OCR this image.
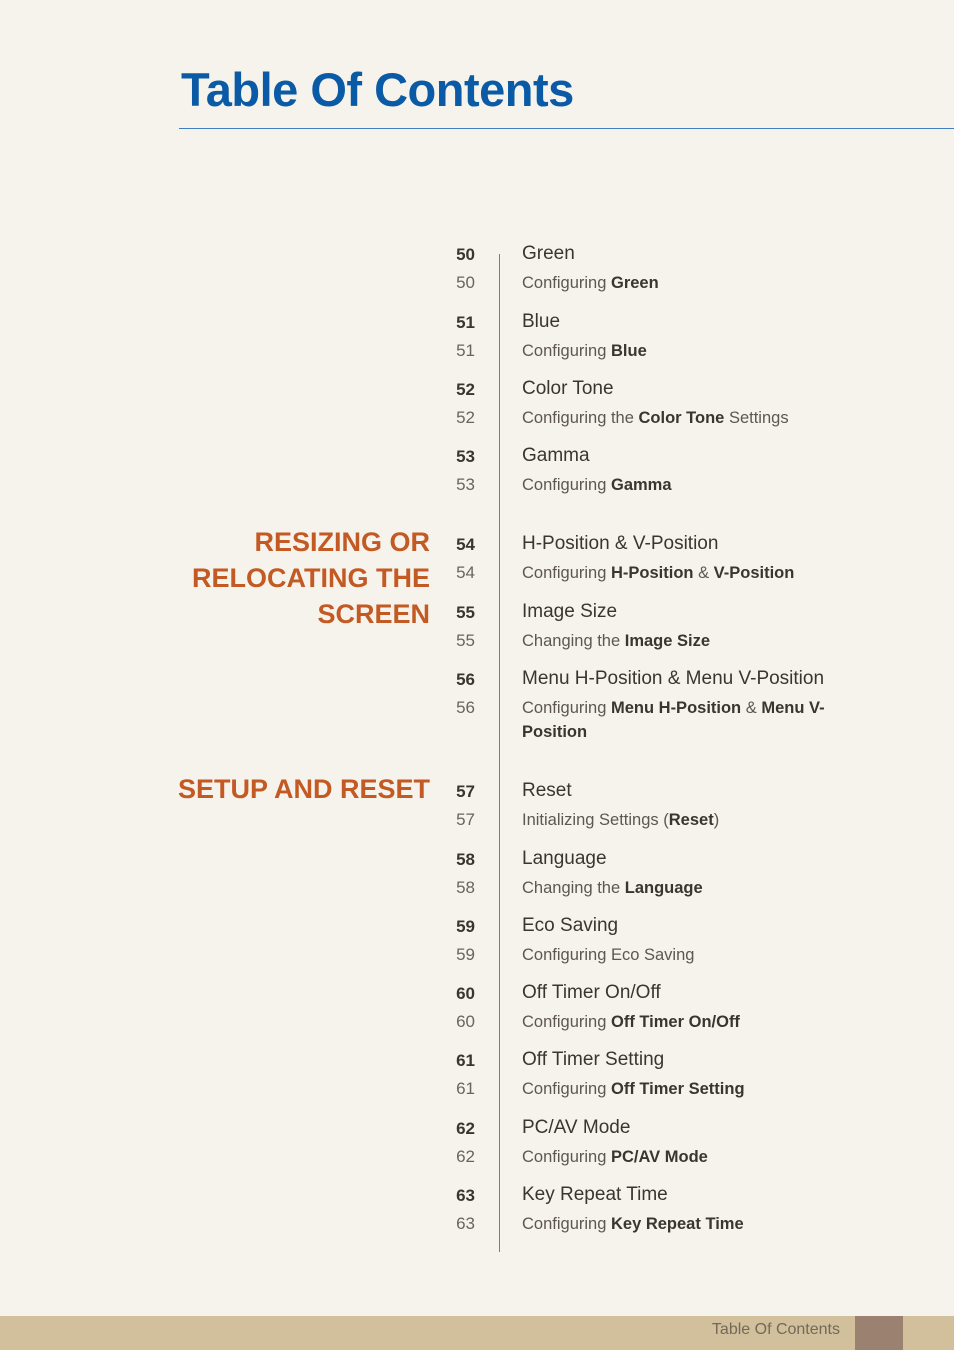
Table Of Contents
RESIZING OR
RELOCATING THE
SCREEN
SETUP AND RESET
50 Green
50	Configuring Green
51 Blue
51	Configuring Blue
52 Color Tone
52	Configuring the Color Tone Settings
53 Gamma
53	Configuring Gamma
54 H-Position & V-Position
54	Configuring H-Position & V-Position
55 Image Size
55	Changing the Image Size
56 Menu H-Position & Menu V-Position
56	Configuring Menu H-Position & Menu V-Position
57 Reset
57	Initializing Settings (Reset)
58 Language
58	Changing the Language
59 Eco Saving
59	Configuring Eco Saving
60 Off Timer On/Off
60	Configuring Off Timer On/Off
61 Off Timer Setting
61	Configuring Off Timer Setting
62 PC/AV Mode
62	Configuring PC/AV Mode
63 Key Repeat Time
63	Configuring Key Repeat Time
Table Of Contents
